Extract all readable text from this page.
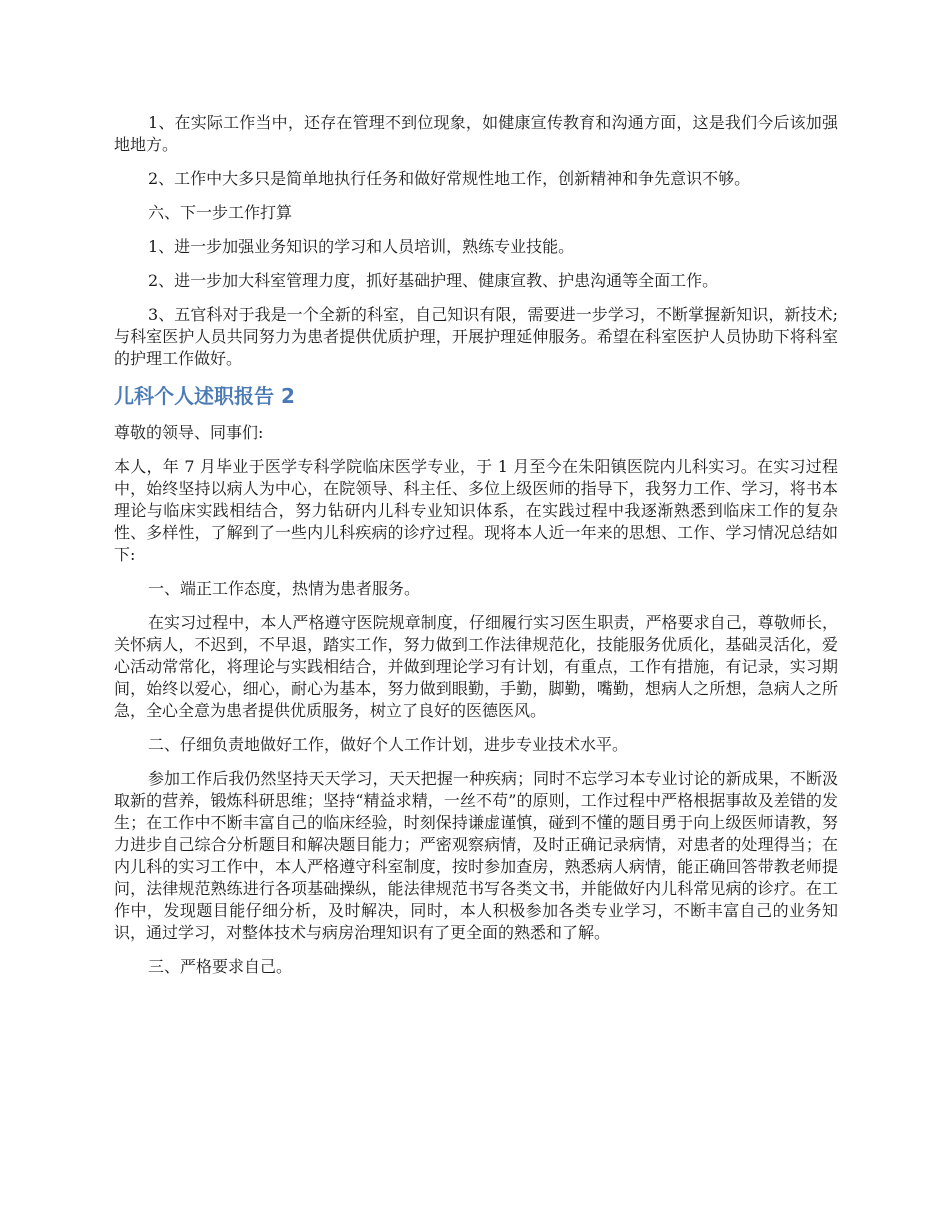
1、在实际工作当中，还存在管理不到位现象，如健康宣传教育和沟通方面，这是我们今后该加强地地方。

2、工作中大多只是简单地执行任务和做好常规性地工作，创新精神和争先意识不够。

六、下一步工作打算

1、进一步加强业务知识的学习和人员培训，熟练专业技能。

2、进一步加大科室管理力度，抓好基础护理、健康宣教、护患沟通等全面工作。

3、五官科对于我是一个全新的科室，自己知识有限，需要进一步学习，不断掌握新知识，新技术;与科室医护人员共同努力为患者提供优质护理，开展护理延伸服务。希望在科室医护人员协助下将科室的护理工作做好。

儿科个人述职报告 2

尊敬的领导、同事们:

本人，年 7 月毕业于医学专科学院临床医学专业，于 1 月至今在朱阳镇医院内儿科实习。在实习过程中，始终坚持以病人为中心，在院领导、科主任、多位上级医师的指导下，我努力工作、学习，将书本理论与临床实践相结合，努力钻研内儿科专业知识体系，在实践过程中我逐渐熟悉到临床工作的复杂性、多样性，了解到了一些内儿科疾病的诊疗过程。现将本人近一年来的思想、工作、学习情况总结如下:

一、端正工作态度，热情为患者服务。

在实习过程中，本人严格遵守医院规章制度，仔细履行实习医生职责，严格要求自己，尊敬师长，关怀病人，不迟到，不早退，踏实工作，努力做到工作法律规范化，技能服务优质化，基础灵活化，爱心活动常常化，将理论与实践相结合，并做到理论学习有计划，有重点，工作有措施，有记录，实习期间，始终以爱心，细心，耐心为基本，努力做到眼勤，手勤，脚勤，嘴勤，想病人之所想，急病人之所急，全心全意为患者提供优质服务，树立了良好的医德医风。

二、仔细负责地做好工作，做好个人工作计划，进步专业技术水平。

参加工作后我仍然坚持天天学习，天天把握一种疾病；同时不忘学习本专业讨论的新成果，不断汲取新的营养，锻炼科研思维；坚持“精益求精，一丝不苟”的原则，工作过程中严格根据事故及差错的发生；在工作中不断丰富自己的临床经验，时刻保持谦虚谨慎，碰到不懂的题目勇于向上级医师请教，努力进步自己综合分析题目和解决题目能力；严密观察病情，及时正确记录病情，对患者的处理得当；在内儿科的实习工作中，本人严格遵守科室制度，按时参加查房，熟悉病人病情，能正确回答带教老师提问，法律规范熟练进行各项基础操纵，能法律规范书写各类文书，并能做好内儿科常见病的诊疗。在工作中，发现题目能仔细分析，及时解决，同时，本人积极参加各类专业学习，不断丰富自己的业务知识，通过学习，对整体技术与病房治理知识有了更全面的熟悉和了解。

三、严格要求自己。
